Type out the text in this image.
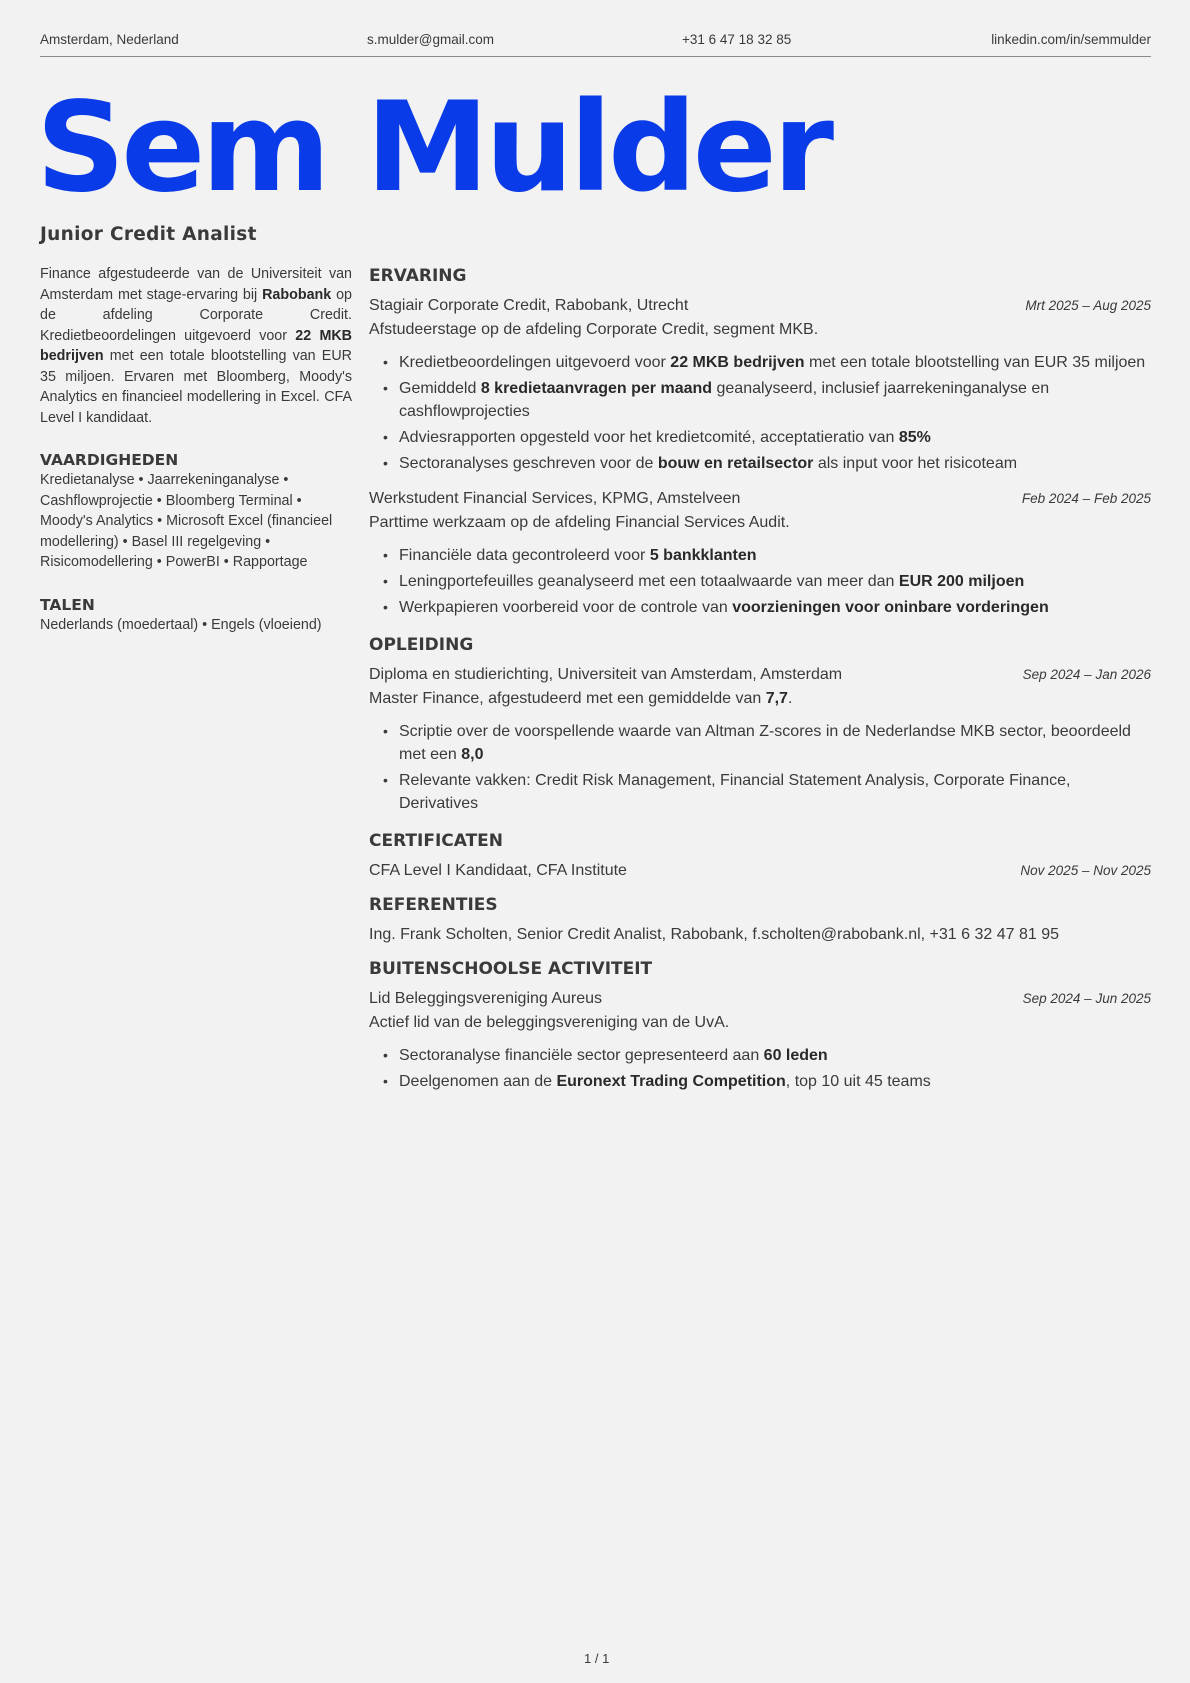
Amsterdam, Nederland	s.mulder@gmail.com	+31 6 47 18 32 85	linkedin.com/in/semmulder
Sem Mulder
Junior Credit Analist

Finance afgestudeerde van de Universiteit van Amsterdam met stage-ervaring bij Rabobank op de afdeling Corporate Credit. Kredietbeoordelingen uitgevoerd voor 22 MKB bedrijven met een totale blootstelling van EUR 35 miljoen. Ervaren met Bloomberg, Moody's Analytics en financieel modellering in Excel. CFA Level I kandidaat.

VAARDIGHEDEN

Kredietanalyse • Jaarrekeninganalyse • Cashflowprojectie • Bloomberg Terminal • Moody's Analytics • Microsoft Excel (financieel modellering) • Basel III regelgeving • Risicomodellering • PowerBI • Rapportage

TALEN

Nederlands (moedertaal) • Engels (vloeiend)

ERVARING
Stagiair Corporate Credit, Rabobank, Utrecht	Mrt 2025 – Aug 2025
Afstudeerstage op de afdeling Corporate Credit, segment MKB.
• Kredietbeoordelingen uitgevoerd voor 22 MKB bedrijven met een totale blootstelling van EUR 35 miljoen
• Gemiddeld 8 kredietaanvragen per maand geanalyseerd, inclusief jaarrekeninganalyse en cashflowprojecties
• Adviesrapporten opgesteld voor het kredietcomité, acceptatieratio van 85%
• Sectoranalyses geschreven voor de bouw en retailsector als input voor het risicoteam
Werkstudent Financial Services, KPMG, Amstelveen	Feb 2024 – Feb 2025
Parttime werkzaam op de afdeling Financial Services Audit.
• Financiële data gecontroleerd voor 5 bankklanten
• Leningportefeuilles geanalyseerd met een totaalwaarde van meer dan EUR 200 miljoen
• Werkpapieren voorbereid voor de controle van voorzieningen voor oninbare vorderingen
OPLEIDING
Diploma en studierichting, Universiteit van Amsterdam, Amsterdam	Sep 2024 – Jan 2026
Master Finance, afgestudeerd met een gemiddelde van 7,7.
• Scriptie over de voorspellende waarde van Altman Z-scores in de Nederlandse MKB sector, beoordeeld met een 8,0
• Relevante vakken: Credit Risk Management, Financial Statement Analysis, Corporate Finance, Derivatives
CERTIFICATEN
CFA Level I Kandidaat, CFA Institute	Nov 2025 – Nov 2025
REFERENTIES
Ing. Frank Scholten, Senior Credit Analist, Rabobank, f.scholten@rabobank.nl, +31 6 32 47 81 95
BUITENSCHOOLSE ACTIVITEIT
Lid Beleggingsvereniging Aureus	Sep 2024 – Jun 2025
Actief lid van de beleggingsvereniging van de UvA.
• Sectoranalyse financiële sector gepresenteerd aan 60 leden
• Deelgenomen aan de Euronext Trading Competition, top 10 uit 45 teams
1 / 1
